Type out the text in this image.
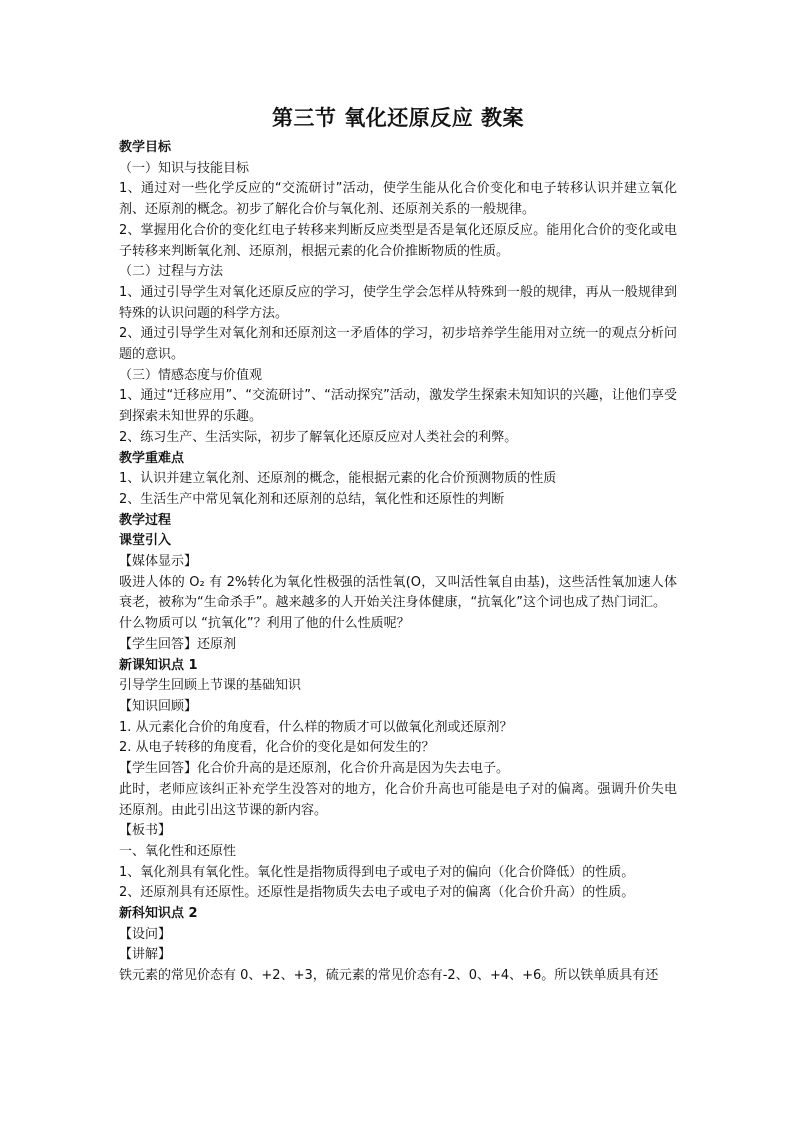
第三节 氧化还原反应 教案

教学目标

（一）知识与技能目标

1、通过对一些化学反应的“交流研讨”活动，使学生能从化合价变化和电子转移认识并建立氧化剂、还原剂的概念。初步了解化合价与氧化剂、还原剂关系的一般规律。

2、掌握用化合价的变化红电子转移来判断反应类型是否是氧化还原反应。能用化合价的变化或电子转移来判断氧化剂、还原剂，根据元素的化合价推断物质的性质。

（二）过程与方法

1、通过引导学生对氧化还原反应的学习，使学生学会怎样从特殊到一般的规律，再从一般规律到特殊的认识问题的科学方法。

2、通过引导学生对氧化剂和还原剂这一矛盾体的学习，初步培养学生能用对立统一的观点分析问题的意识。

（三）情感态度与价值观

1、通过“迁移应用”、“交流研讨”、“活动探究”活动，激发学生探索未知知识的兴趣，让他们享受到探索未知世界的乐趣。

2、练习生产、生活实际，初步了解氧化还原反应对人类社会的利弊。

教学重难点

1、认识并建立氧化剂、还原剂的概念，能根据元素的化合价预测物质的性质

2、生活生产中常见氧化剂和还原剂的总结，氧化性和还原性的判断

教学过程

课堂引入

【媒体显示】

吸进人体的 O₂ 有 2%转化为氧化性极强的活性氧(O，又叫活性氧自由基)，这些活性氧加速人体衰老，被称为“生命杀手”。越来越多的人开始关注身体健康，“抗氧化”这个词也成了热门词汇。

什么物质可以 “抗氧化”？利用了他的什么性质呢？

【学生回答】还原剂

新课知识点 1

引导学生回顾上节课的基础知识

【知识回顾】

1. 从元素化合价的角度看，什么样的物质才可以做氧化剂或还原剂？

2. 从电子转移的角度看，化合价的变化是如何发生的？

【学生回答】化合价升高的是还原剂，化合价升高是因为失去电子。

此时，老师应该纠正补充学生没答对的地方，化合价升高也可能是电子对的偏离。强调升价失电还原剂。由此引出这节课的新内容。

【板书】

一、氧化性和还原性

1、氧化剂具有氧化性。氧化性是指物质得到电子或电子对的偏向（化合价降低）的性质。

2、还原剂具有还原性。还原性是指物质失去电子或电子对的偏离（化合价升高）的性质。

新科知识点 2

【设问】

【讲解】

铁元素的常见价态有 0、+2、+3，硫元素的常见价态有-2、0、+4、+6。所以铁单质具有还
